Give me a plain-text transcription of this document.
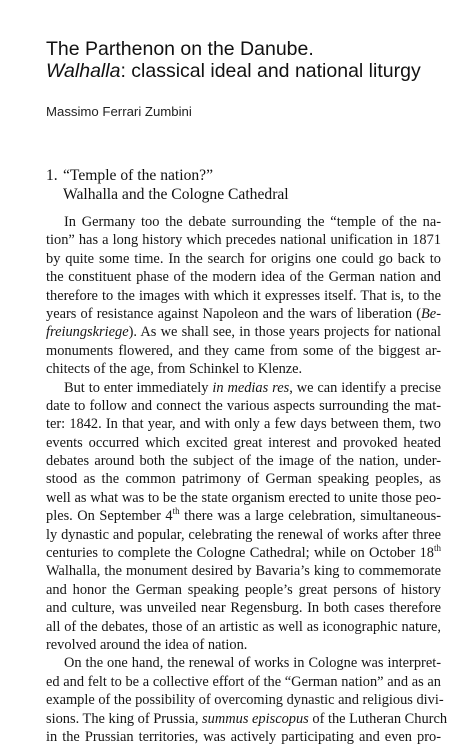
The Parthenon on the Danube.
Walhalla: classical ideal and national liturgy
Massimo Ferrari Zumbini
1. “Temple of the nation?”
Walhalla and the Cologne Cathedral
In Germany too the debate surrounding the “temple of the na-
tion” has a long history which precedes national unification in 1871
by quite some time. In the search for origins one could go back to
the constituent phase of the modern idea of the German nation and
therefore to the images with which it expresses itself. That is, to the
years of resistance against Napoleon and the wars of liberation (Be-
freiungskriege). As we shall see, in those years projects for national
monuments flowered, and they came from some of the biggest ar-
chitects of the age, from Schinkel to Klenze.
But to enter immediately in medias res, we can identify a precise
date to follow and connect the various aspects surrounding the mat-
ter: 1842. In that year, and with only a few days between them, two
events occurred which excited great interest and provoked heated
debates around both the subject of the image of the nation, under-
stood as the common patrimony of German speaking peoples, as
well as what was to be the state organism erected to unite those peo-
ples. On September 4th there was a large celebration, simultaneous-
ly dynastic and popular, celebrating the renewal of works after three
centuries to complete the Cologne Cathedral; while on October 18th
Walhalla, the monument desired by Bavaria’s king to commemorate
and honor the German speaking people’s great persons of history
and culture, was unveiled near Regensburg. In both cases therefore
all of the debates, those of an artistic as well as iconographic nature,
revolved around the idea of nation.
On the one hand, the renewal of works in Cologne was interpret-
ed and felt to be a collective effort of the “German nation” and as an
example of the possibility of overcoming dynastic and religious divi-
sions. The king of Prussia, summus episcopus of the Lutheran Church
in the Prussian territories, was actively participating and even pro-
